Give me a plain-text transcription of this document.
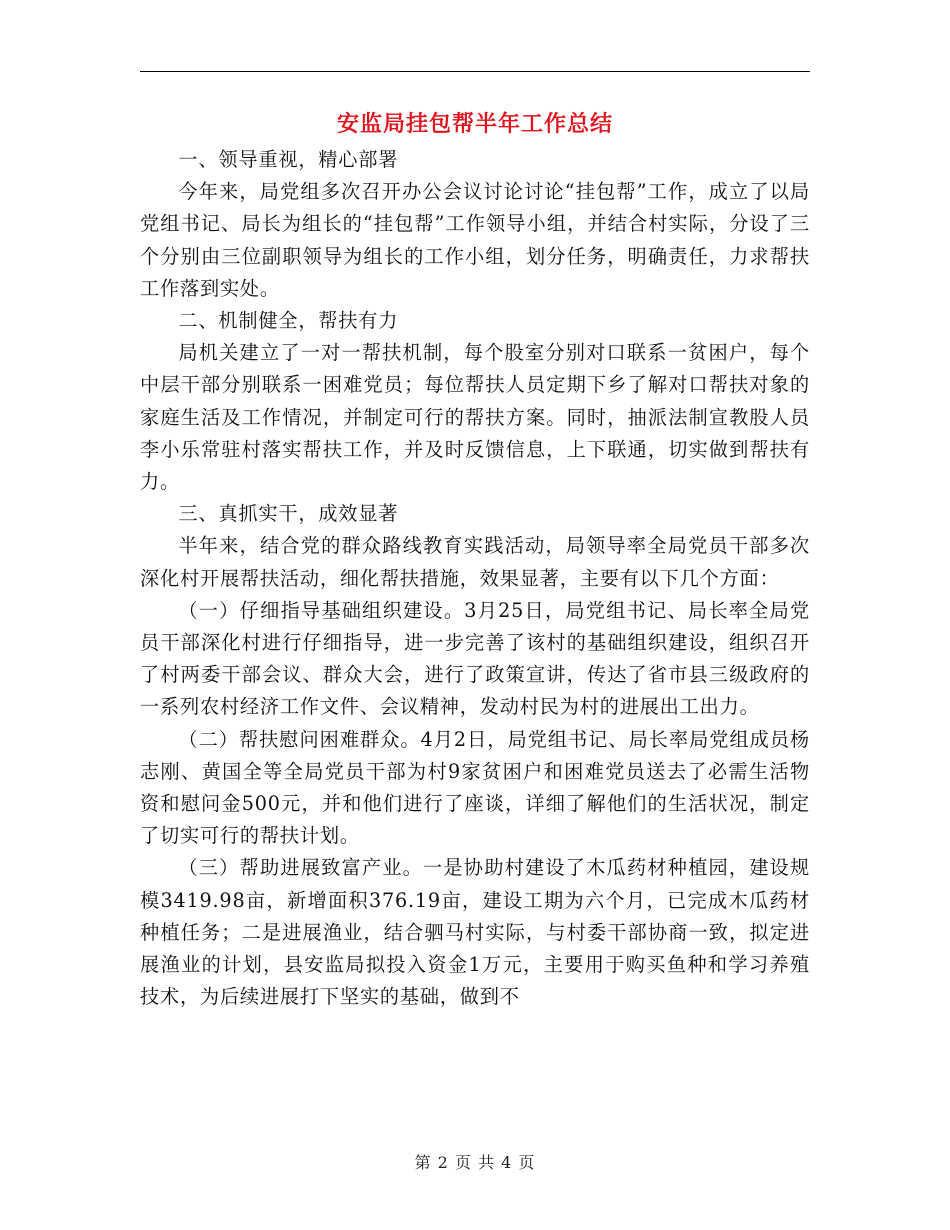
安监局挂包帮半年工作总结

一、领导重视，精心部署

今年来，局党组多次召开办公会议讨论讨论“挂包帮”工作，成立了以局党组书记、局长为组长的“挂包帮”工作领导小组，并结合村实际，分设了三个分别由三位副职领导为组长的工作小组，划分任务，明确责任，力求帮扶工作落到实处。

二、机制健全，帮扶有力

局机关建立了一对一帮扶机制，每个股室分别对口联系一贫困户，每个中层干部分别联系一困难党员；每位帮扶人员定期下乡了解对口帮扶对象的家庭生活及工作情况，并制定可行的帮扶方案。同时，抽派法制宣教股人员李小乐常驻村落实帮扶工作，并及时反馈信息，上下联通，切实做到帮扶有力。

三、真抓实干，成效显著

半年来，结合党的群众路线教育实践活动，局领导率全局党员干部多次深化村开展帮扶活动，细化帮扶措施，效果显著，主要有以下几个方面：

（一）仔细指导基础组织建设。3月25日，局党组书记、局长率全局党员干部深化村进行仔细指导，进一步完善了该村的基础组织建设，组织召开了村两委干部会议、群众大会，进行了政策宣讲，传达了省市县三级政府的一系列农村经济工作文件、会议精神，发动村民为村的进展出工出力。

（二）帮扶慰问困难群众。4月2日，局党组书记、局长率局党组成员杨志刚、黄国全等全局党员干部为村9家贫困户和困难党员送去了必需生活物资和慰问金500元，并和他们进行了座谈，详细了解他们的生活状况，制定了切实可行的帮扶计划。

（三）帮助进展致富产业。一是协助村建设了木瓜药材种植园，建设规模3419.98亩，新增面积376.19亩，建设工期为六个月，已完成木瓜药材种植任务；二是进展渔业，结合驷马村实际，与村委干部协商一致，拟定进展渔业的计划，县安监局拟投入资金1万元，主要用于购买鱼种和学习养殖技术，为后续进展打下坚实的基础，做到不

第 2 页 共 4 页
